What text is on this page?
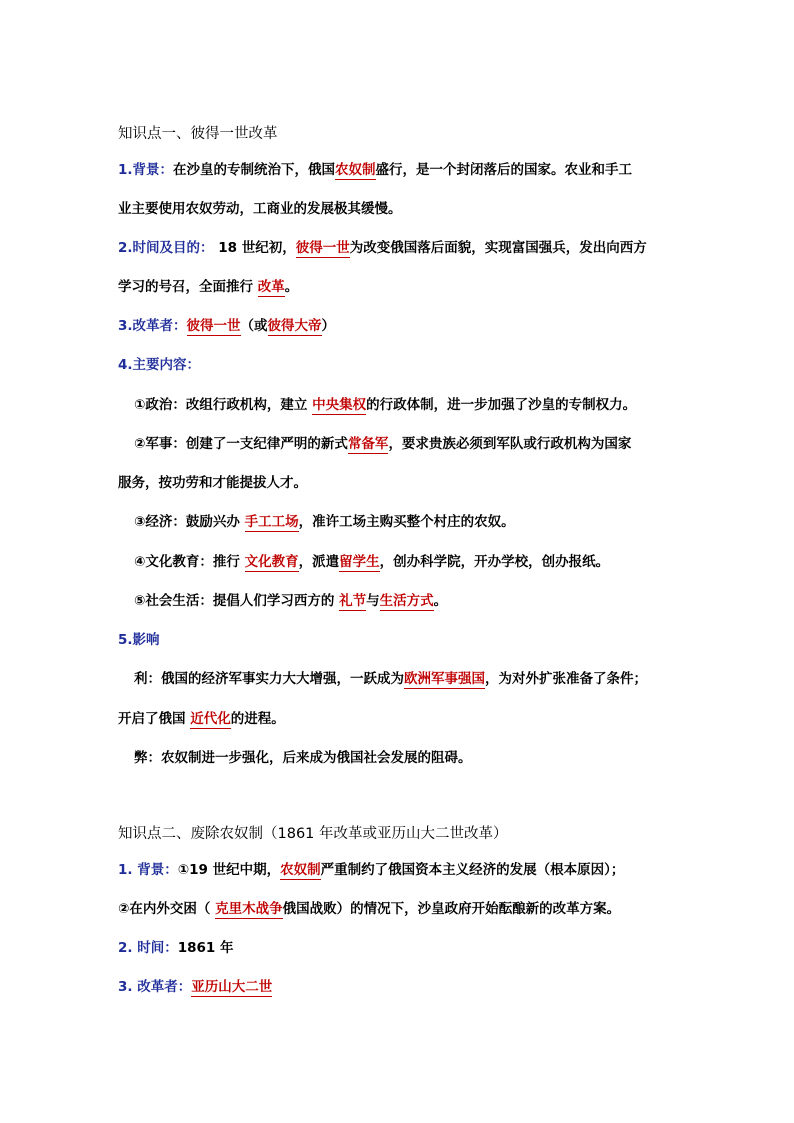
知识点一、彼得一世改革
1.背景：在沙皇的专制统治下，俄国农奴制盛行，是一个封闭落后的国家。农业和手工
业主要使用农奴劳动，工商业的发展极其缓慢。
2.时间及目的： 18 世纪初，彼得一世为改变俄国落后面貌，实现富国强兵，发出向西方
学习的号召，全面推行 改革。
3.改革者：彼得一世（或彼得大帝）
4.主要内容：
①政治：改组行政机构，建立 中央集权的行政体制，进一步加强了沙皇的专制权力。
②军事：创建了一支纪律严明的新式常备军，要求贵族必须到军队或行政机构为国家
服务，按功劳和才能提拔人才。
③经济：鼓励兴办 手工工场，准许工场主购买整个村庄的农奴。
④文化教育：推行 文化教育，派遣留学生，创办科学院，开办学校，创办报纸。
⑤社会生活：提倡人们学习西方的 礼节与生活方式。
5.影响
利：俄国的经济军事实力大大增强，一跃成为欧洲军事强国，为对外扩张准备了条件；
开启了俄国 近代化的进程。
弊：农奴制进一步强化，后来成为俄国社会发展的阻碍。
知识点二、废除农奴制（1861 年改革或亚历山大二世改革）
1. 背景：①19 世纪中期，农奴制严重制约了俄国资本主义经济的发展（根本原因）；
②在内外交困（ 克里木战争俄国战败）的情况下，沙皇政府开始酝酿新的改革方案。
2. 时间：1861 年
3. 改革者：亚历山大二世
